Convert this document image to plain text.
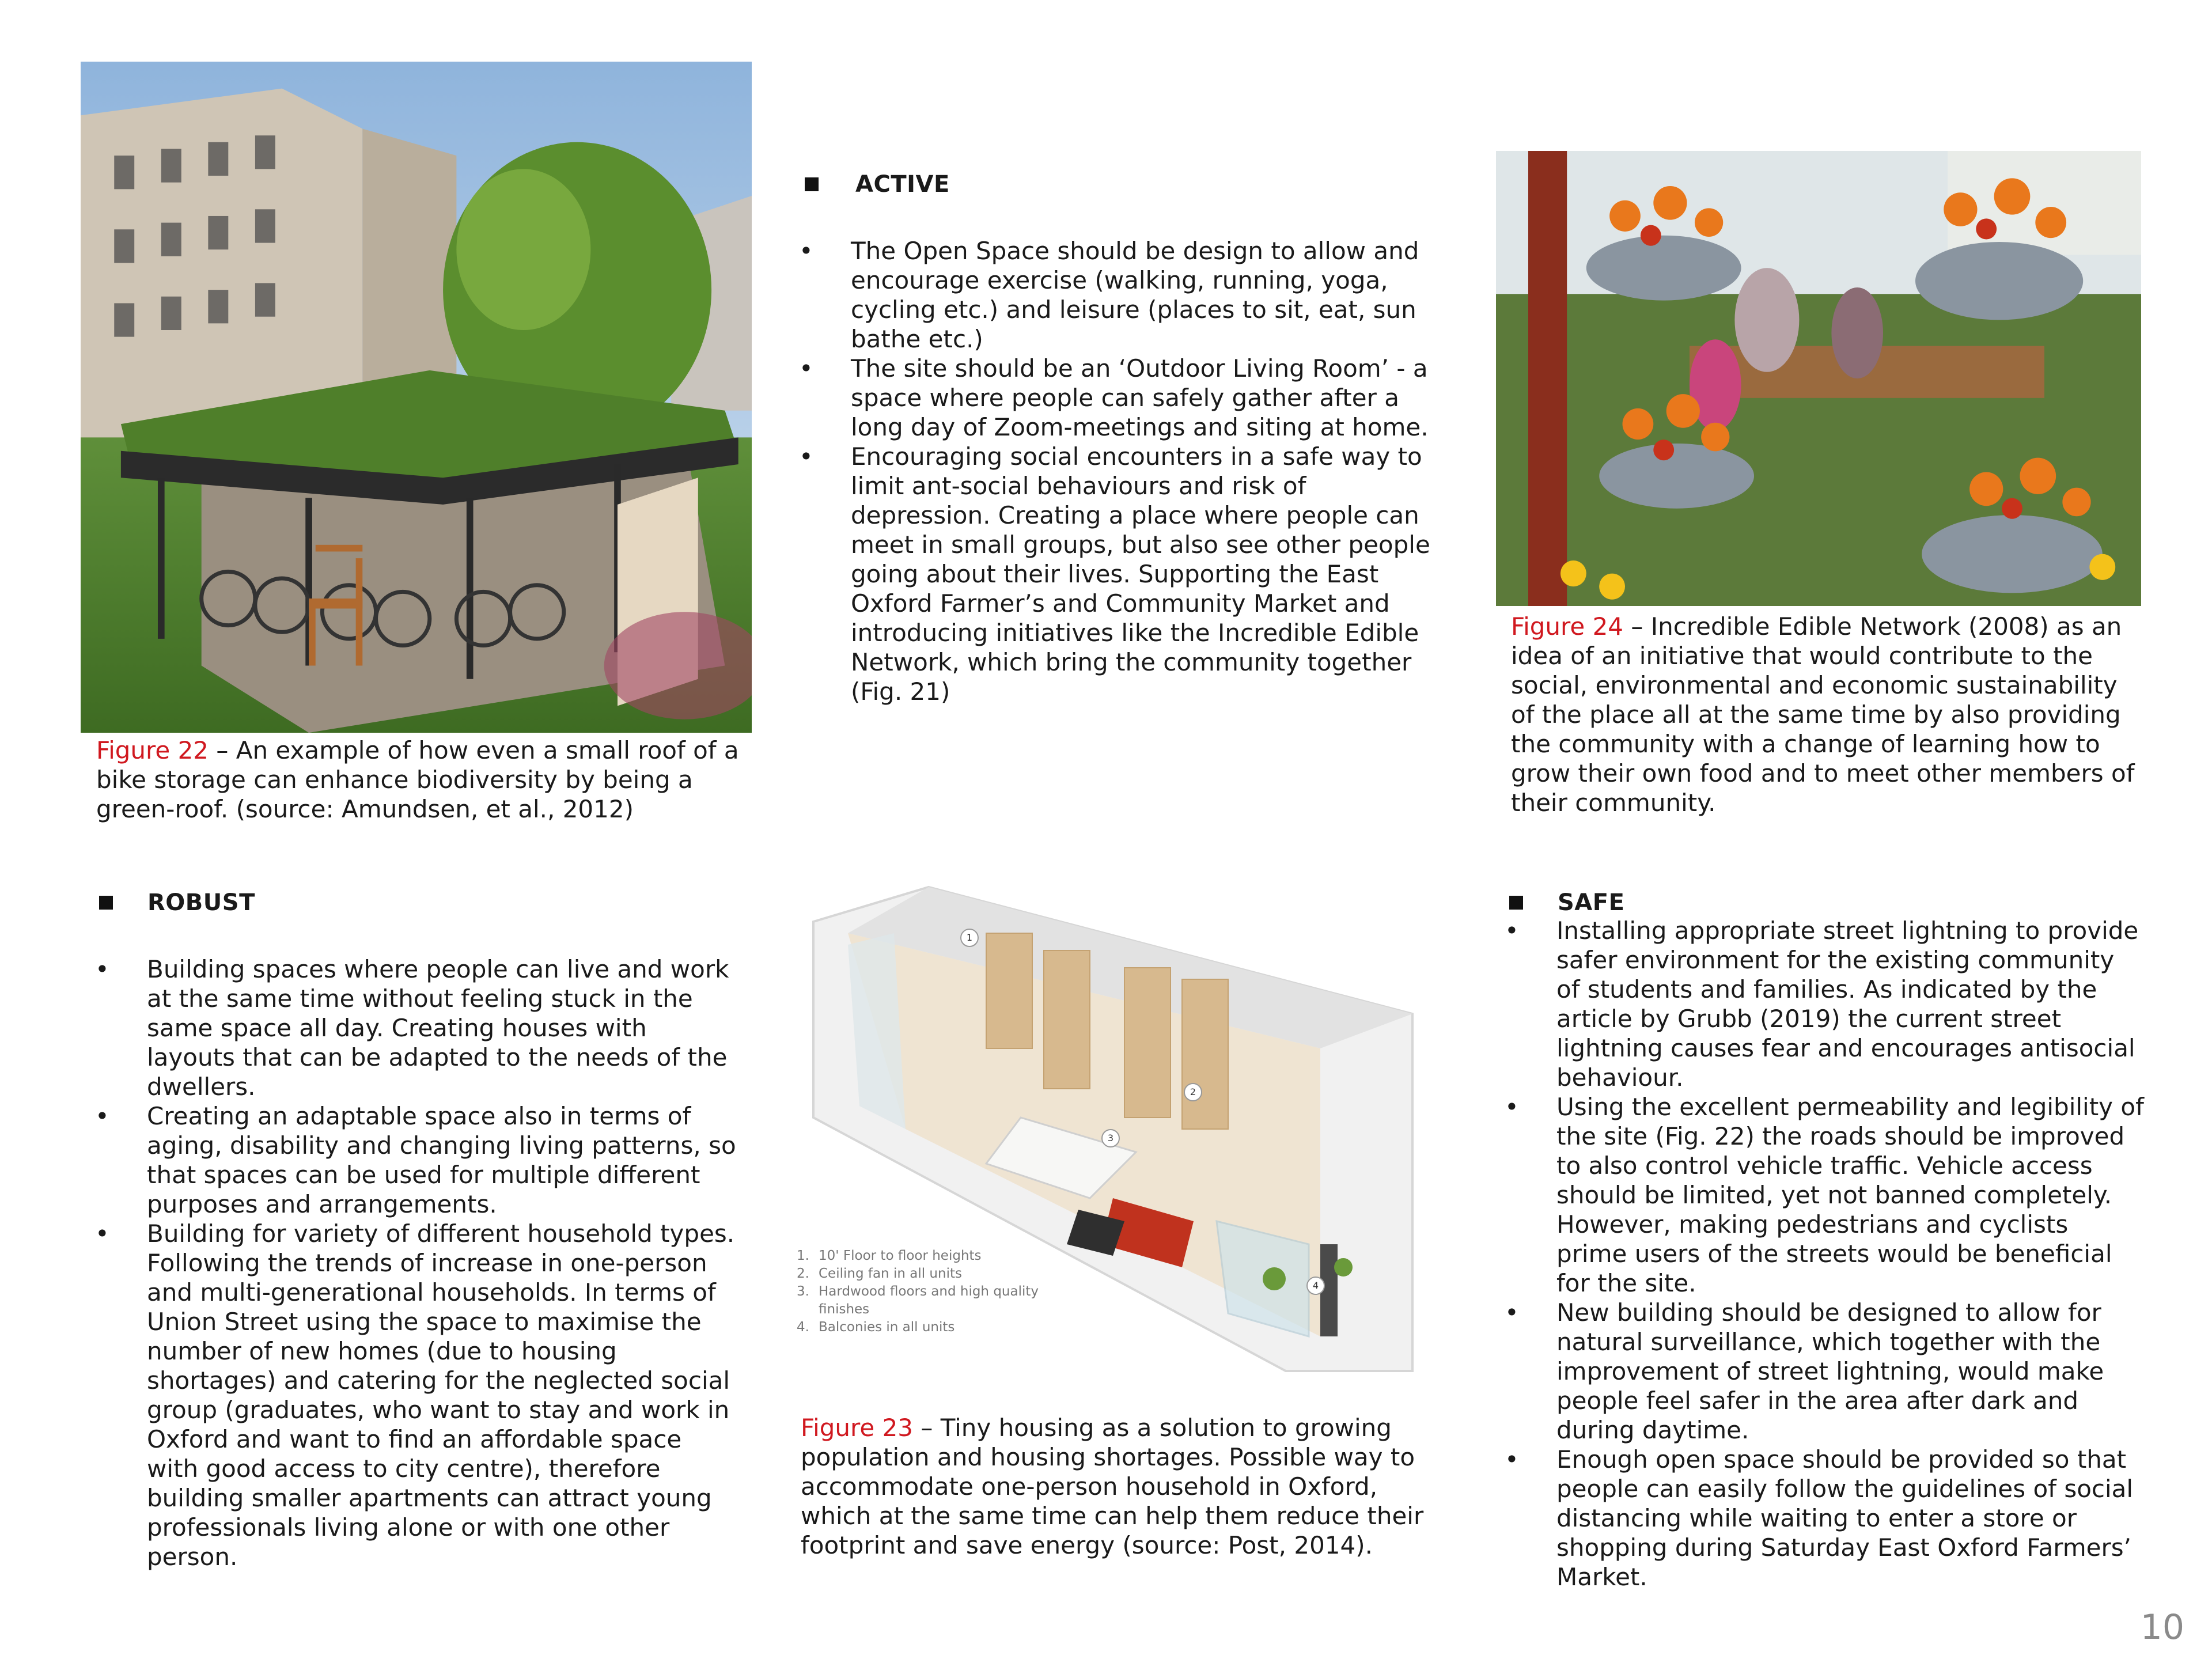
Figure 22 – An example of how even a small roof of a bike storage can enhance biodiversity by being a green-roof. (source: Amundsen, et al., 2012)
ACTIVE
• The Open Space should be design to allow and encourage exercise (walking, running, yoga, cycling etc.) and leisure (places to sit, eat, sun bathe etc.)
• The site should be an ‘Outdoor Living Room’ - a space where people can safely gather after a long day of Zoom-meetings and siting at home.
• Encouraging social encounters in a safe way to limit ant-social behaviours and risk of depression. Creating a place where people can meet in small groups, but also see other people going about their lives. Supporting the East Oxford Farmer’s and Community Market and introducing initiatives like the Incredible Edible Network, which bring the community together (Fig. 21)
Figure 24 – Incredible Edible Network (2008) as an idea of an initiative that would contribute to the social, environmental and economic sustainability of the place all at the same time by also providing the community with a change of learning how to grow their own food and to meet other members of their community.
ROBUST
• Building spaces where people can live and work at the same time without feeling stuck in the same space all day. Creating houses with layouts that can be adapted to the needs of the dwellers.
• Creating an adaptable space also in terms of aging, disability and changing living patterns, so that spaces can be used for multiple different purposes and arrangements.
• Building for variety of different household types. Following the trends of increase in one-person and multi-generational households. In terms of Union Street using the space to maximise the number of new homes (due to housing shortages) and catering for the neglected social group (graduates, who want to stay and work in Oxford and want to find an affordable space with good access to city centre), therefore building smaller apartments can attract young professionals living alone or with one other person.
1
2
3
4
1. 10' Floor to floor heights
2. Ceiling fan in all units
3. Hardwood floors and high quality
finishes
4. Balconies in all units
Figure 23 – Tiny housing as a solution to growing population and housing shortages. Possible way to accommodate one-person household in Oxford, which at the same time can help them reduce their footprint and save energy (source: Post, 2014).
SAFE
• Installing appropriate street lightning to provide safer environment for the existing community of students and families. As indicated by the article by Grubb (2019) the current street lightning causes fear and encourages antisocial behaviour.
• Using the excellent permeability and legibility of the site (Fig. 22) the roads should be improved to also control vehicle traffic. Vehicle access should be limited, yet not banned completely. However, making pedestrians and cyclists prime users of the streets would be beneficial for the site.
• New building should be designed to allow for natural surveillance, which together with the improvement of street lightning, would make people feel safer in the area after dark and during daytime.
• Enough open space should be provided so that people can easily follow the guidelines of social distancing while waiting to enter a store or shopping during Saturday East Oxford Farmers’ Market.
10
